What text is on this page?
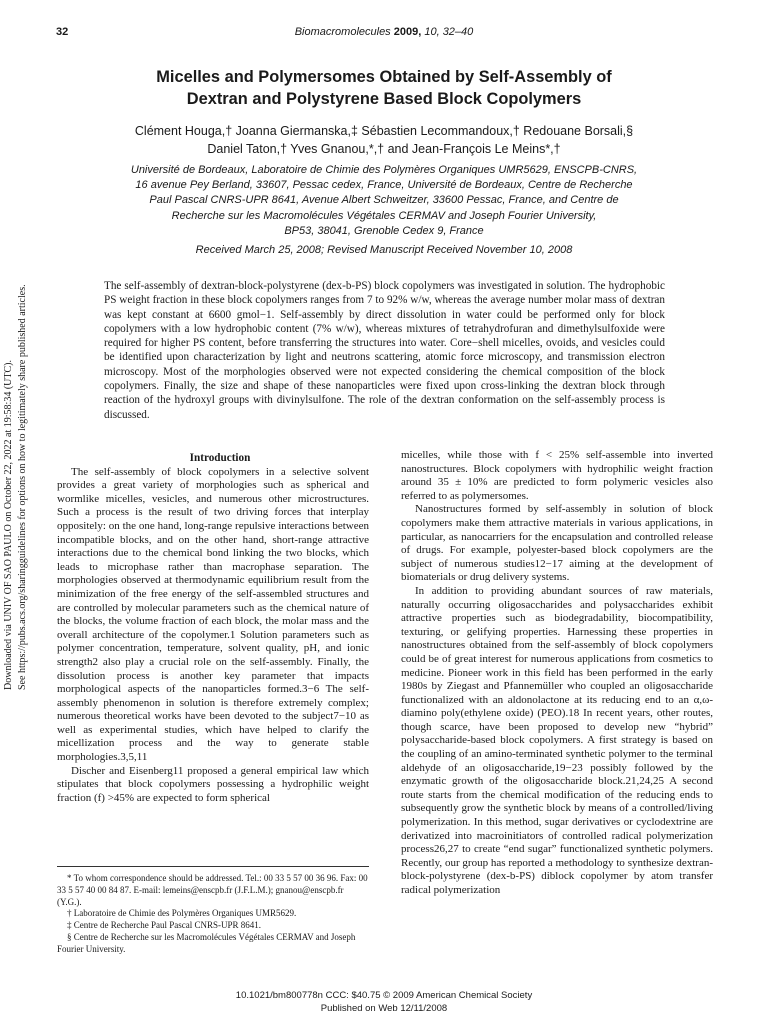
32	Biomacromolecules 2009, 10, 32–40
Micelles and Polymersomes Obtained by Self-Assembly of
Dextran and Polystyrene Based Block Copolymers
Clément Houga,† Joanna Giermanska,‡ Sébastien Lecommandoux,† Redouane Borsali,§
Daniel Taton,† Yves Gnanou,*,† and Jean-François Le Meins*,†
Université de Bordeaux, Laboratoire de Chimie des Polymères Organiques UMR5629, ENSCPB-CNRS,
16 avenue Pey Berland, 33607, Pessac cedex, France, Université de Bordeaux, Centre de Recherche
Paul Pascal CNRS-UPR 8641, Avenue Albert Schweitzer, 33600 Pessac, France, and Centre de
Recherche sur les Macromolécules Végétales CERMAV and Joseph Fourier University,
BP53, 38041, Grenoble Cedex 9, France
Received March 25, 2008; Revised Manuscript Received November 10, 2008

The self-assembly of dextran-block-polystyrene (dex-b-PS) block copolymers was investigated in solution. The hydrophobic PS weight fraction in these block copolymers ranges from 7 to 92% w/w, whereas the average number molar mass of dextran was kept constant at 6600 gmol−1. Self-assembly by direct dissolution in water could be performed only for block copolymers with a low hydrophobic content (7% w/w), whereas mixtures of tetrahydrofuran and dimethylsulfoxide were required for higher PS content, before transferring the structures into water. Core−shell micelles, ovoids, and vesicles could be identified upon characterization by light and neutrons scattering, atomic force microscopy, and transmission electron microscopy. Most of the morphologies observed were not expected considering the chemical composition of the block copolymers. Finally, the size and shape of these nanoparticles were fixed upon cross-linking the dextran block through reaction of the hydroxyl groups with divinylsulfone. The role of the dextran conformation on the self-assembly process is discussed.

Downloaded via UNIV OF SAO PAULO on October 22, 2022 at 19:58:34 (UTC). See https://pubs.acs.org/sharingguidelines for options on how to legitimately share published articles.	Introduction

The self-assembly of block copolymers in a selective solvent provides a great variety of morphologies such as spherical and wormlike micelles, vesicles, and numerous other microstructures. Such a process is the result of two driving forces that interplay oppositely: on the one hand, long-range repulsive interactions between incompatible blocks, and on the other hand, short-range attractive interactions due to the chemical bond linking the two blocks, which leads to microphase rather than macrophase separation. The morphologies observed at thermodynamic equilibrium result from the minimization of the free energy of the self-assembled structures and are controlled by molecular parameters such as the chemical nature of the blocks, the volume fraction of each block, the molar mass and the overall architecture of the copolymer.1 Solution parameters such as polymer concentration, temperature, solvent quality, pH, and ionic strength2 also play a crucial role on the self-assembly. Finally, the dissolution process is another key parameter that impacts morphological aspects of the nanoparticles formed.3−6 The self-assembly phenomenon in solution is therefore extremely complex; numerous theoretical works have been devoted to the subject7−10 as well as experimental studies, which have helped to clarify the micellization process and the way to generate stable morphologies.3,5,11

Discher and Eisenberg11 proposed a general empirical law which stipulates that block copolymers possessing a hydrophilic weight fraction (f) >45% are expected to form spherical

micelles, while those with f < 25% self-assemble into inverted nanostructures. Block copolymers with hydrophilic weight fraction around 35 ± 10% are predicted to form polymeric vesicles also referred to as polymersomes.

Nanostructures formed by self-assembly in solution of block copolymers make them attractive materials in various applications, in particular, as nanocarriers for the encapsulation and controlled release of drugs. For example, polyester-based block copolymers are the subject of numerous studies12−17 aiming at the development of biomaterials or drug delivery systems.

In addition to providing abundant sources of raw materials, naturally occurring oligosaccharides and polysaccharides exhibit attractive properties such as biodegradability, biocompatibility, texturing, or gelifying properties. Harnessing these properties in nanostructures obtained from the self-assembly of block copolymers could be of great interest for numerous applications from cosmetics to medicine. Pioneer work in this field has been performed in the early 1980s by Ziegast and Pfannemüller who coupled an oligosaccharide functionalized with an aldonolactone at its reducing end to an α,ω-diamino poly(ethylene oxide) (PEO).18 In recent years, other routes, though scarce, have been proposed to develop new “hybrid” polysaccharide-based block copolymers. A first strategy is based on the coupling of an amino-terminated synthetic polymer to the terminal aldehyde of an oligosaccharide,19−23 possibly followed by the enzymatic growth of the oligosaccharide block.21,24,25 A second route starts from the chemical modification of the reducing ends to subsequently grow the synthetic block by means of a controlled/living polymerization. In this method, sugar derivatives or cyclodextrine are derivatized into macroinitiators of controlled radical polymerization process26,27 to create “end sugar” functionalized synthetic polymers. Recently, our group has reported a methodology to synthesize dextran-block-polystyrene (dex-b-PS) diblock copolymer by atom transfer radical polymerization

* To whom correspondence should be addressed. Tel.: 00 33 5 57 00 36 96. Fax: 00 33 5 57 40 00 84 87. E-mail: lemeins@enscpb.fr (J.F.L.M.); gnanou@enscpb.fr (Y.G.).
† Laboratoire de Chimie des Polymères Organiques UMR5629.
‡ Centre de Recherche Paul Pascal CNRS-UPR 8641.
§ Centre de Recherche sur les Macromolécules Végétales CERMAV and Joseph Fourier University.
10.1021/bm800778n CCC: $40.75 © 2009 American Chemical Society
Published on Web 12/11/2008
